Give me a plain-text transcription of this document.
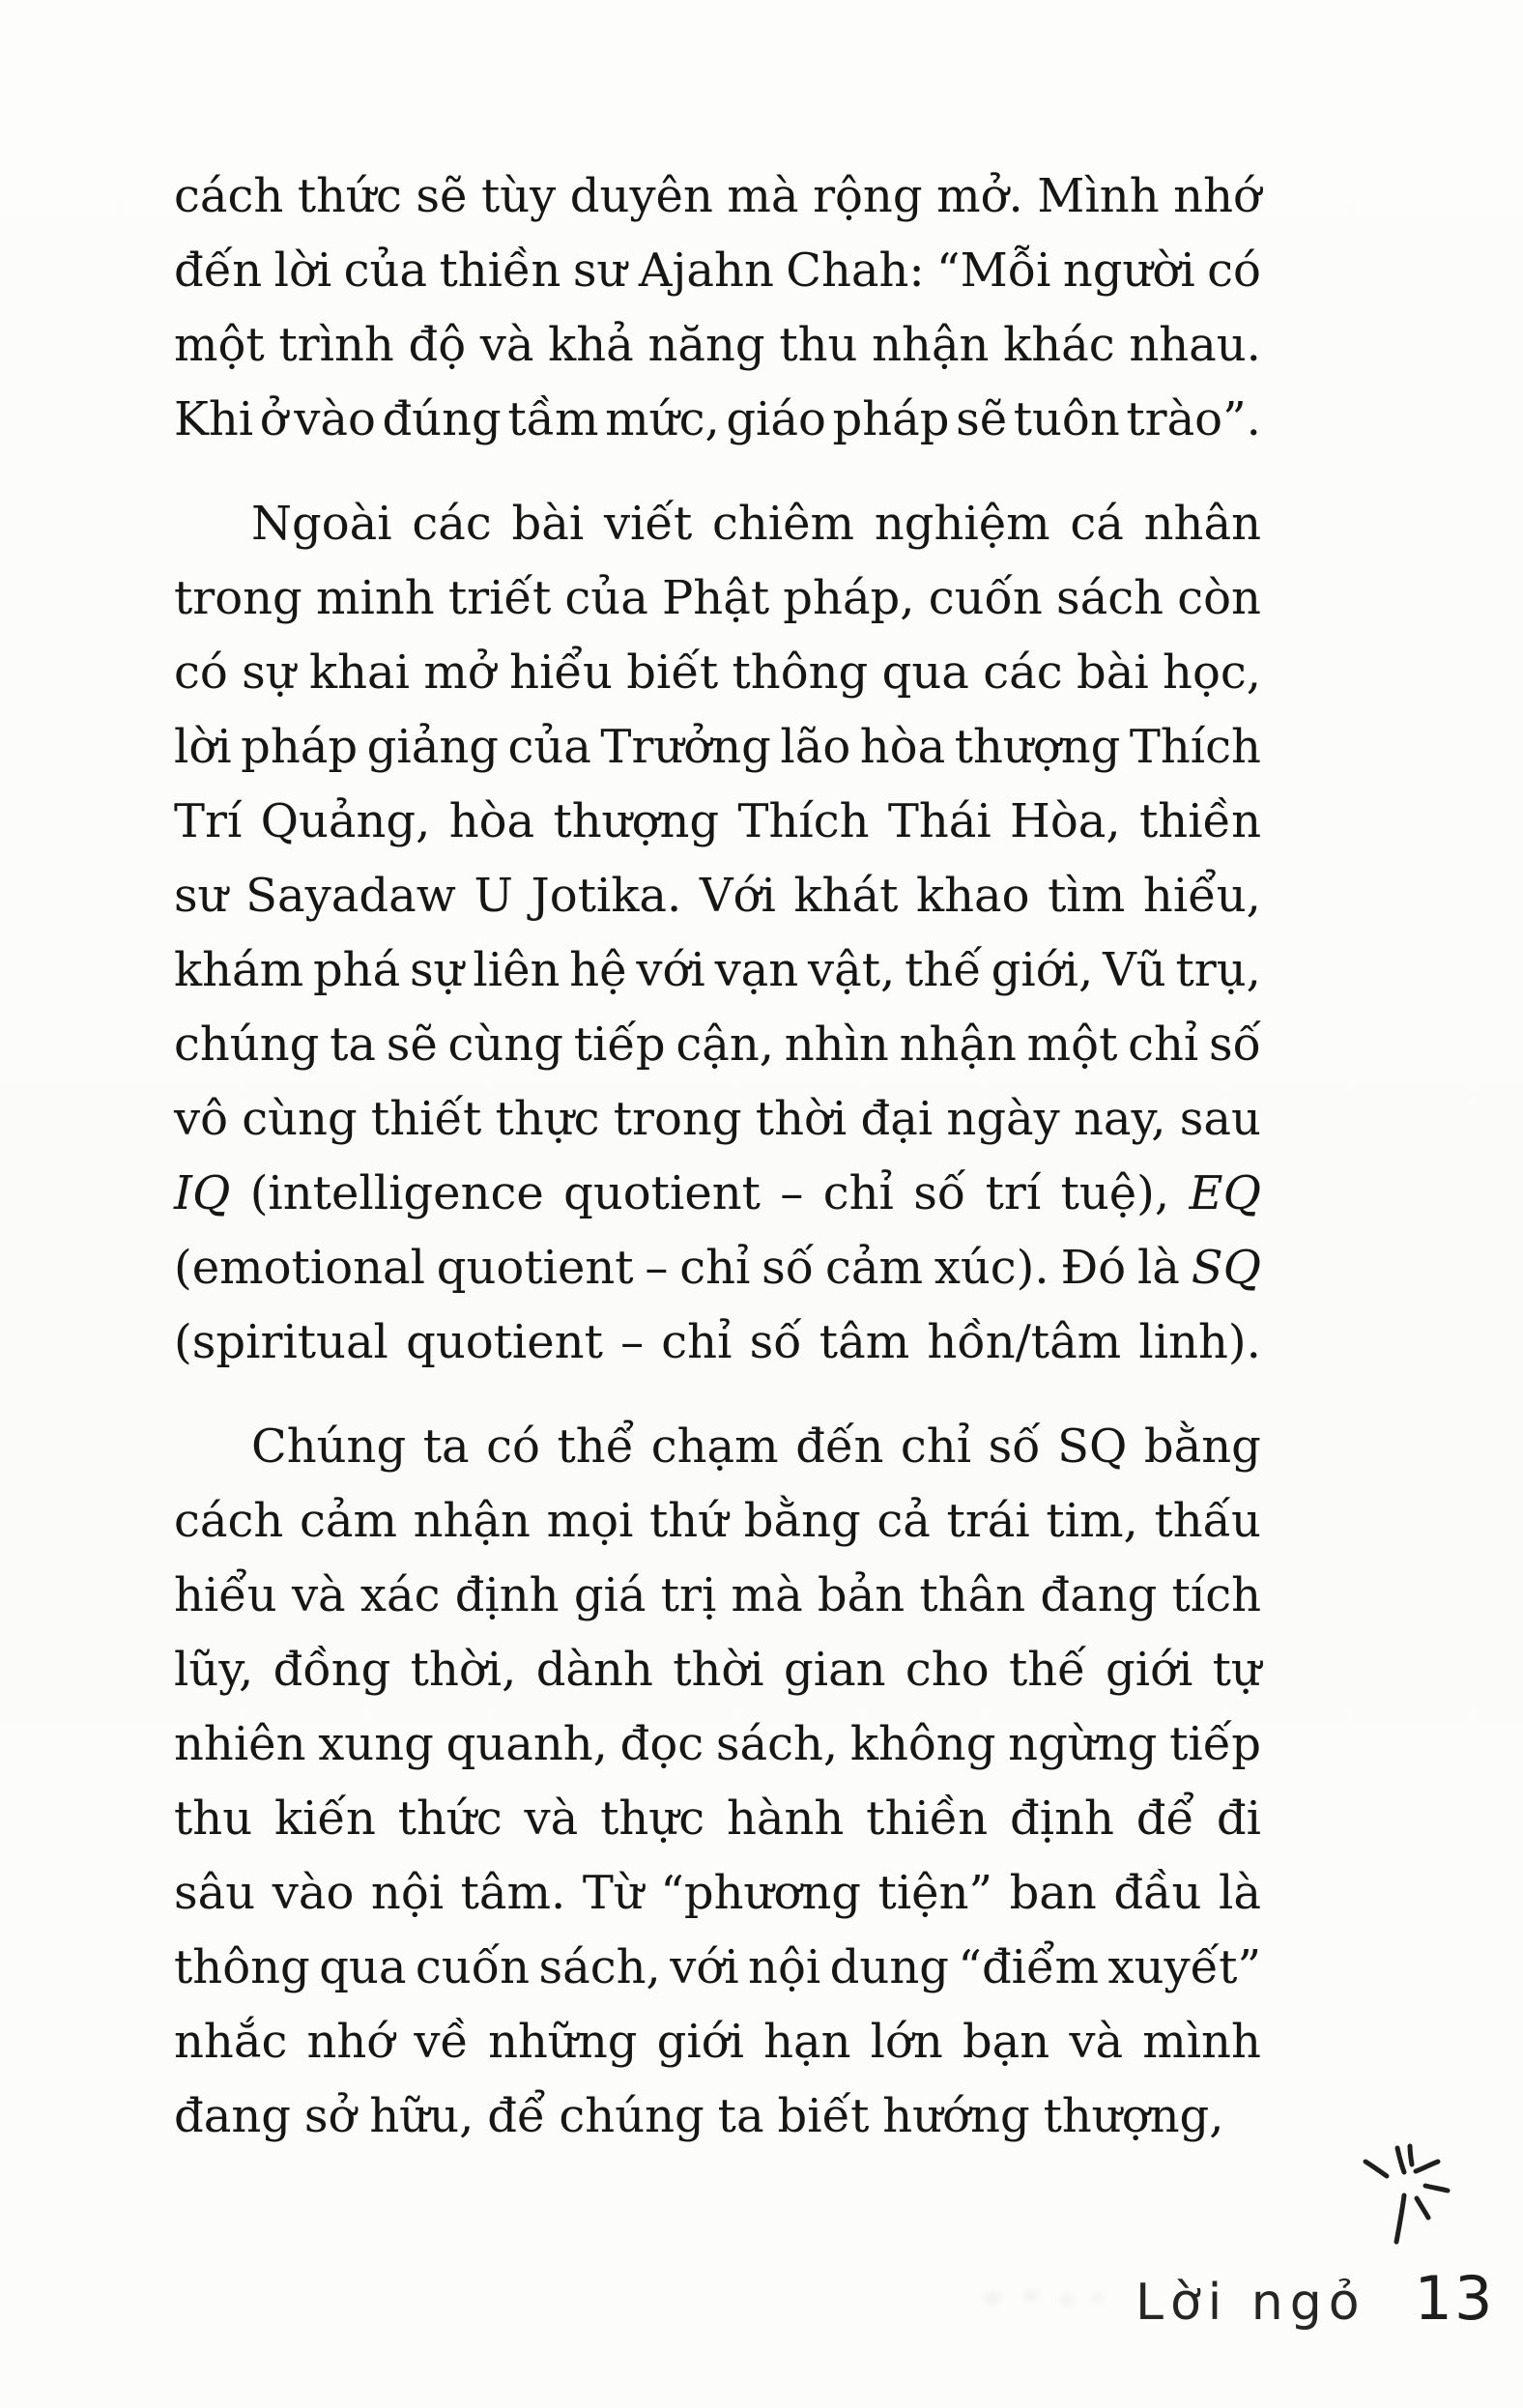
cách thức sẽ tùy duyên mà rộng mở. Mình nhớ
đến lời của thiền sư Ajahn Chah: “Mỗi người có
một trình độ và khả năng thu nhận khác nhau.
Khi ở vào đúng tầm mức, giáo pháp sẽ tuôn trào”.
Ngoài các bài viết chiêm nghiệm cá nhân
trong minh triết của Phật pháp, cuốn sách còn
có sự khai mở hiểu biết thông qua các bài học,
lời pháp giảng của Trưởng lão hòa thượng Thích
Trí Quảng, hòa thượng Thích Thái Hòa, thiền
sư Sayadaw U Jotika. Với khát khao tìm hiểu,
khám phá sự liên hệ với vạn vật, thế giới, Vũ trụ,
chúng ta sẽ cùng tiếp cận, nhìn nhận một chỉ số
vô cùng thiết thực trong thời đại ngày nay, sau
IQ (intelligence quotient – chỉ số trí tuệ), EQ
(emotional quotient – chỉ số cảm xúc). Đó là SQ
(spiritual quotient – chỉ số tâm hồn/tâm linh).
Chúng ta có thể chạm đến chỉ số SQ bằng
cách cảm nhận mọi thứ bằng cả trái tim, thấu
hiểu và xác định giá trị mà bản thân đang tích
lũy, đồng thời, dành thời gian cho thế giới tự
nhiên xung quanh, đọc sách, không ngừng tiếp
thu kiến thức và thực hành thiền định để đi
sâu vào nội tâm. Từ “phương tiện” ban đầu là
thông qua cuốn sách, với nội dung “điểm xuyết”
nhắc nhớ về những giới hạn lớn bạn và mình
đang sở hữu, để chúng ta biết hướng thượng,
Lời ngỏ 13
